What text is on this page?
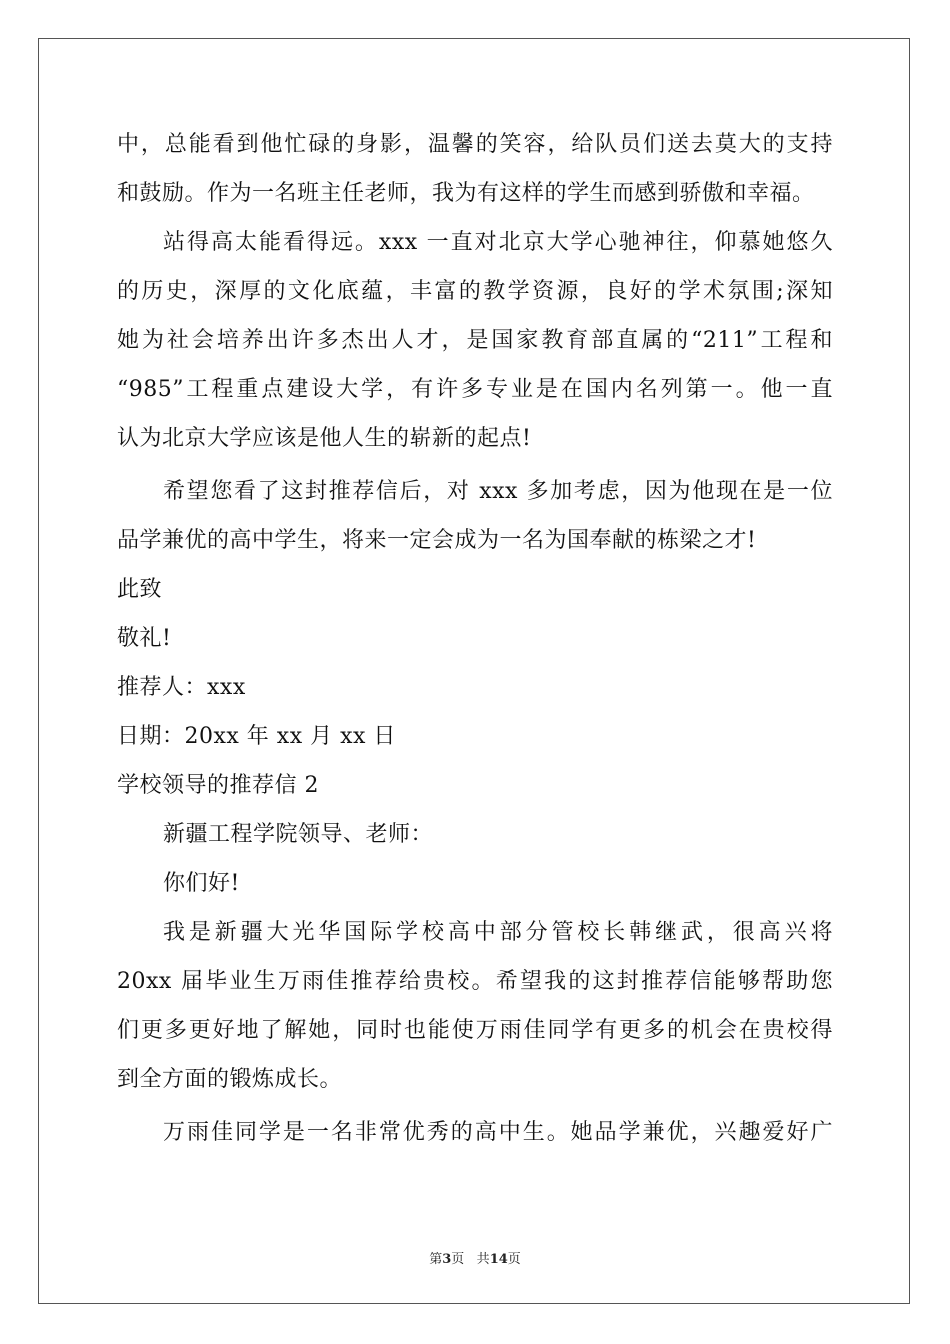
中，总能看到他忙碌的身影，温馨的笑容，给队员们送去莫大的支持
和鼓励。作为一名班主任老师，我为有这样的学生而感到骄傲和幸福。
站得高太能看得远。xxx 一直对北京大学心驰神往，仰慕她悠久
的历史，深厚的文化底蕴，丰富的教学资源，良好的学术氛围;深知
她为社会培养出许多杰出人才，是国家教育部直属的“211”工程和
“985”工程重点建设大学，有许多专业是在国内名列第一。他一直
认为北京大学应该是他人生的崭新的起点!
希望您看了这封推荐信后，对 xxx 多加考虑，因为他现在是一位
品学兼优的高中学生，将来一定会成为一名为国奉献的栋梁之才!
此致
敬礼!
推荐人：xxx
日期：20xx 年 xx 月 xx 日
学校领导的推荐信 2
新疆工程学院领导、老师：
你们好!
我是新疆大光华国际学校高中部分管校长韩继武，很高兴将
20xx 届毕业生万雨佳推荐给贵校。希望我的这封推荐信能够帮助您
们更多更好地了解她，同时也能使万雨佳同学有更多的机会在贵校得
到全方面的锻炼成长。
万雨佳同学是一名非常优秀的高中生。她品学兼优，兴趣爱好广
第3页 共14页
